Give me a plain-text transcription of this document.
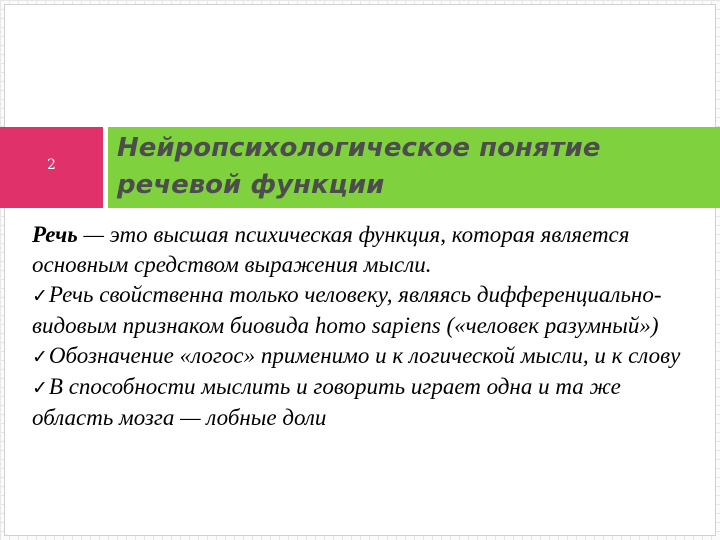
2
Нейропсихологическое понятие
речевой функции

Речь — это высшая психическая функция, которая является основным средством выражения мысли.

✓Речь свойственна только человеку, являясь дифференциально-видовым признаком биовида homo sapiens («человек разумный»)

✓Обозначение «логос» применимо и к логической мысли, и к слову

✓В способности мыслить и говорить играет одна и та же область мозга — лобные доли
